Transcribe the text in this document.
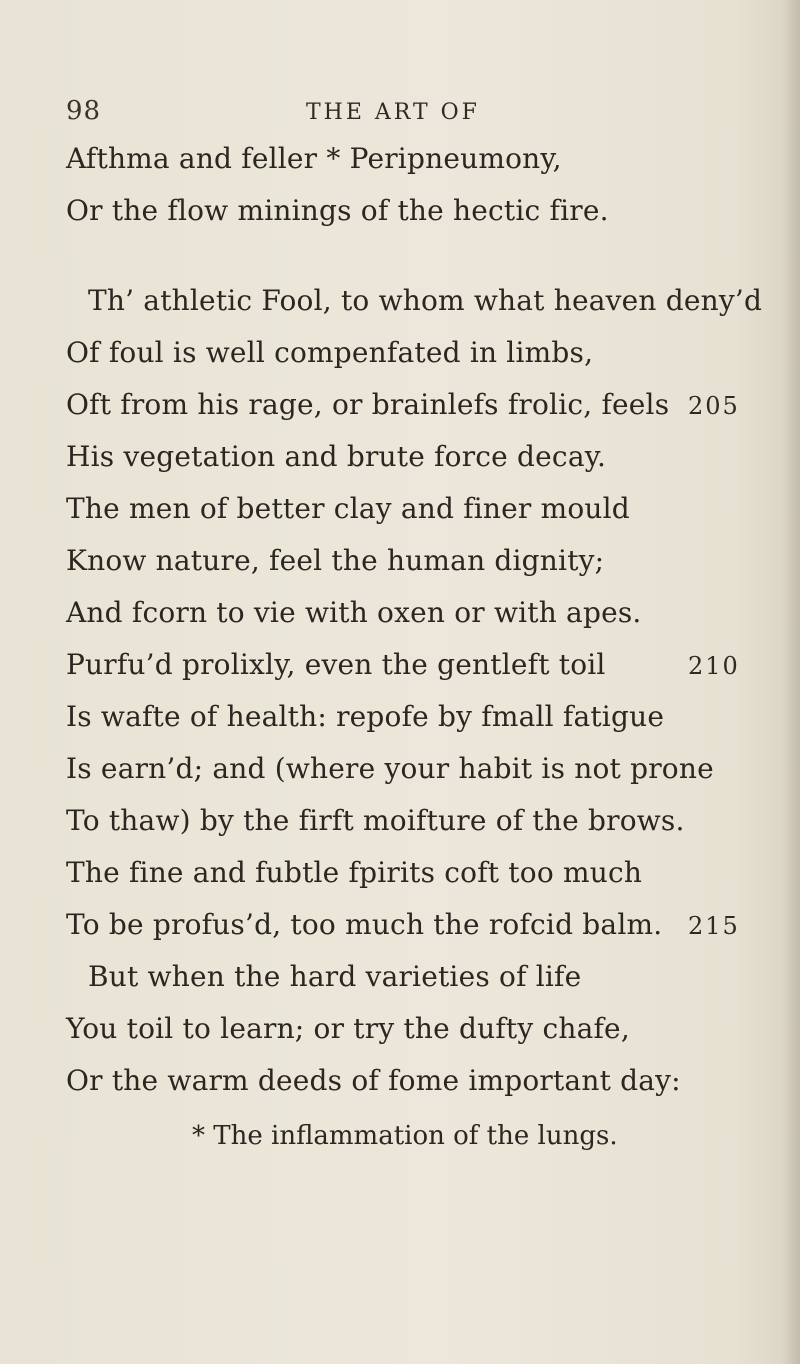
98	THE ART OF
Afthma and feller * Peripneumony,
Or the flow minings of the hectic fire.
Th’ athletic Fool, to whom what heaven deny’d
Of foul is well compenfated in limbs,
Oft from his rage, or brainlefs frolic, feels 205
His vegetation and brute force decay.
The men of better clay and finer mould
Know nature, feel the human dignity;
And fcorn to vie with oxen or with apes.
Purfu’d prolixly, even the gentleft toil	210
Is wafte of health: repofe by fmall fatigue
Is earn’d; and (where your habit is not prone
To thaw) by the firft moifture of the brows.
The fine and fubtle fpirits coft too much
To be profus’d, too much the rofcid balm. 215
But when the hard varieties of life
You toil to learn; or try the dufty chafe,
Or the warm deeds of fome important day:
* The inflammation of the lungs.
